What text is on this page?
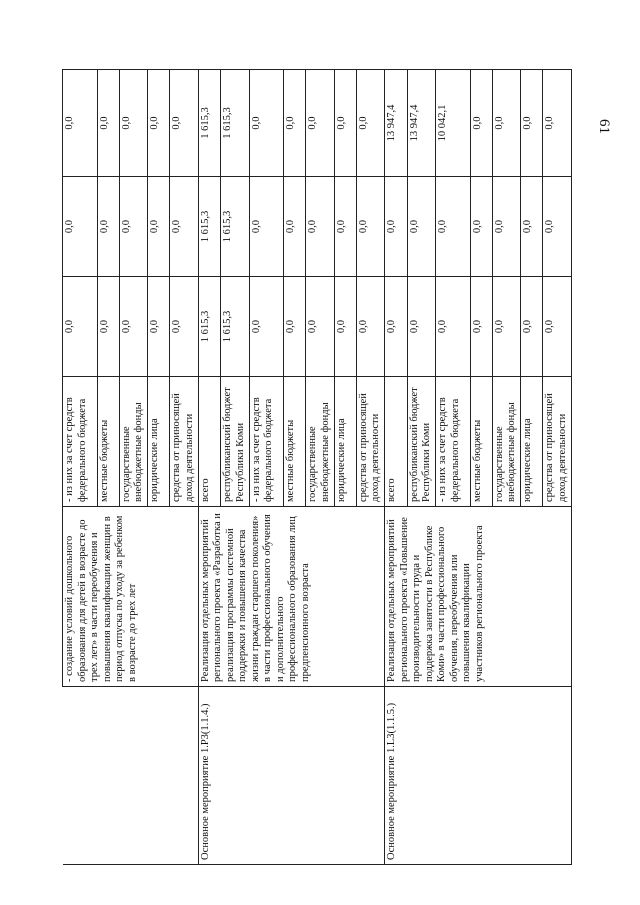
61
	- создание условий дошкольного образования для детей в возрасте до трех лет» в части переобучения и повышения квалификации женщин в период отпуска по уходу за ребенком в возрасте до трех лет	- из них за счет средств федерального бюджета	0,0	0,0	0,0
		местные бюджеты	0,0	0,0	0,0
		государственные внебюджетные фонды	0,0	0,0	0,0
		юридические лица	0,0	0,0	0,0
		средства от приносящей доход деятельности	0,0	0,0	0,0
Основное мероприятие 1.P3(1.1.4.)	Реализация отдельных мероприятий регионального проекта «Разработка и реализация программы системной поддержки и повышения качества жизни граждан старшего поколения» в части профессионального обучения и дополнительного профессионального образования лиц предпенсионного возраста	всего	1 615,3	1 615,3	1 615,3
		республиканский бюджет Республики Коми	1 615,3	1 615,3	1 615,3
		- из них за счет средств федерального бюджета	0,0	0,0	0,0
		местные бюджеты	0,0	0,0	0,0
		государственные внебюджетные фонды	0,0	0,0	0,0
		юридические лица	0,0	0,0	0,0
		средства от приносящей доход деятельности	0,0	0,0	0,0
Основное мероприятие 1.L3(1.1.5.)	Реализация отдельных мероприятий регионального проекта «Повышение производительности труда и поддержка занятости в Республике Коми» в части профессионального обучения, переобучения или повышения квалификации участников регионального проекта	всего	0,0	0,0	13 947,4
		республиканский бюджет Республики Коми	0,0	0,0	13 947,4
		- из них за счет средств федерального бюджета	0,0	0,0	10 042,1
		местные бюджеты	0,0	0,0	0,0
		государственные внебюджетные фонды	0,0	0,0	0,0
		юридические лица	0,0	0,0	0,0
		средства от приносящей доход деятельности	0,0	0,0	0,0
